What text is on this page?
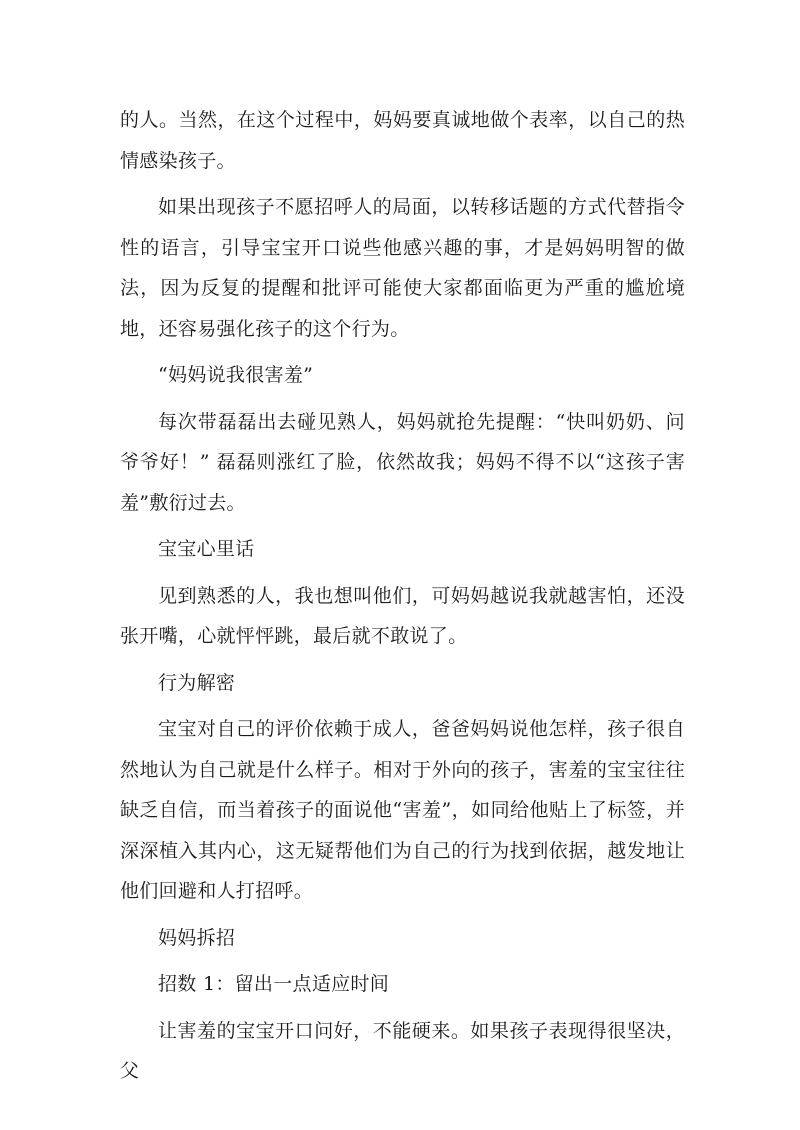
的人。当然，在这个过程中，妈妈要真诚地做个表率，以自己的热情感染孩子。

如果出现孩子不愿招呼人的局面，以转移话题的方式代替指令性的语言，引导宝宝开口说些他感兴趣的事，才是妈妈明智的做法，因为反复的提醒和批评可能使大家都面临更为严重的尴尬境地，还容易强化孩子的这个行为。

“妈妈说我很害羞”

每次带磊磊出去碰见熟人，妈妈就抢先提醒：“快叫奶奶、问爷爷好！” 磊磊则涨红了脸，依然故我；妈妈不得不以“这孩子害羞”敷衍过去。

宝宝心里话

见到熟悉的人，我也想叫他们，可妈妈越说我就越害怕，还没张开嘴，心就怦怦跳，最后就不敢说了。

行为解密

宝宝对自己的评价依赖于成人，爸爸妈妈说他怎样，孩子很自然地认为自己就是什么样子。相对于外向的孩子，害羞的宝宝往往缺乏自信，而当着孩子的面说他“害羞”，如同给他贴上了标签，并深深植入其内心，这无疑帮他们为自己的行为找到依据，越发地让他们回避和人打招呼。

妈妈拆招

招数 1：留出一点适应时间

让害羞的宝宝开口问好，不能硬来。如果孩子表现得很坚决，父
